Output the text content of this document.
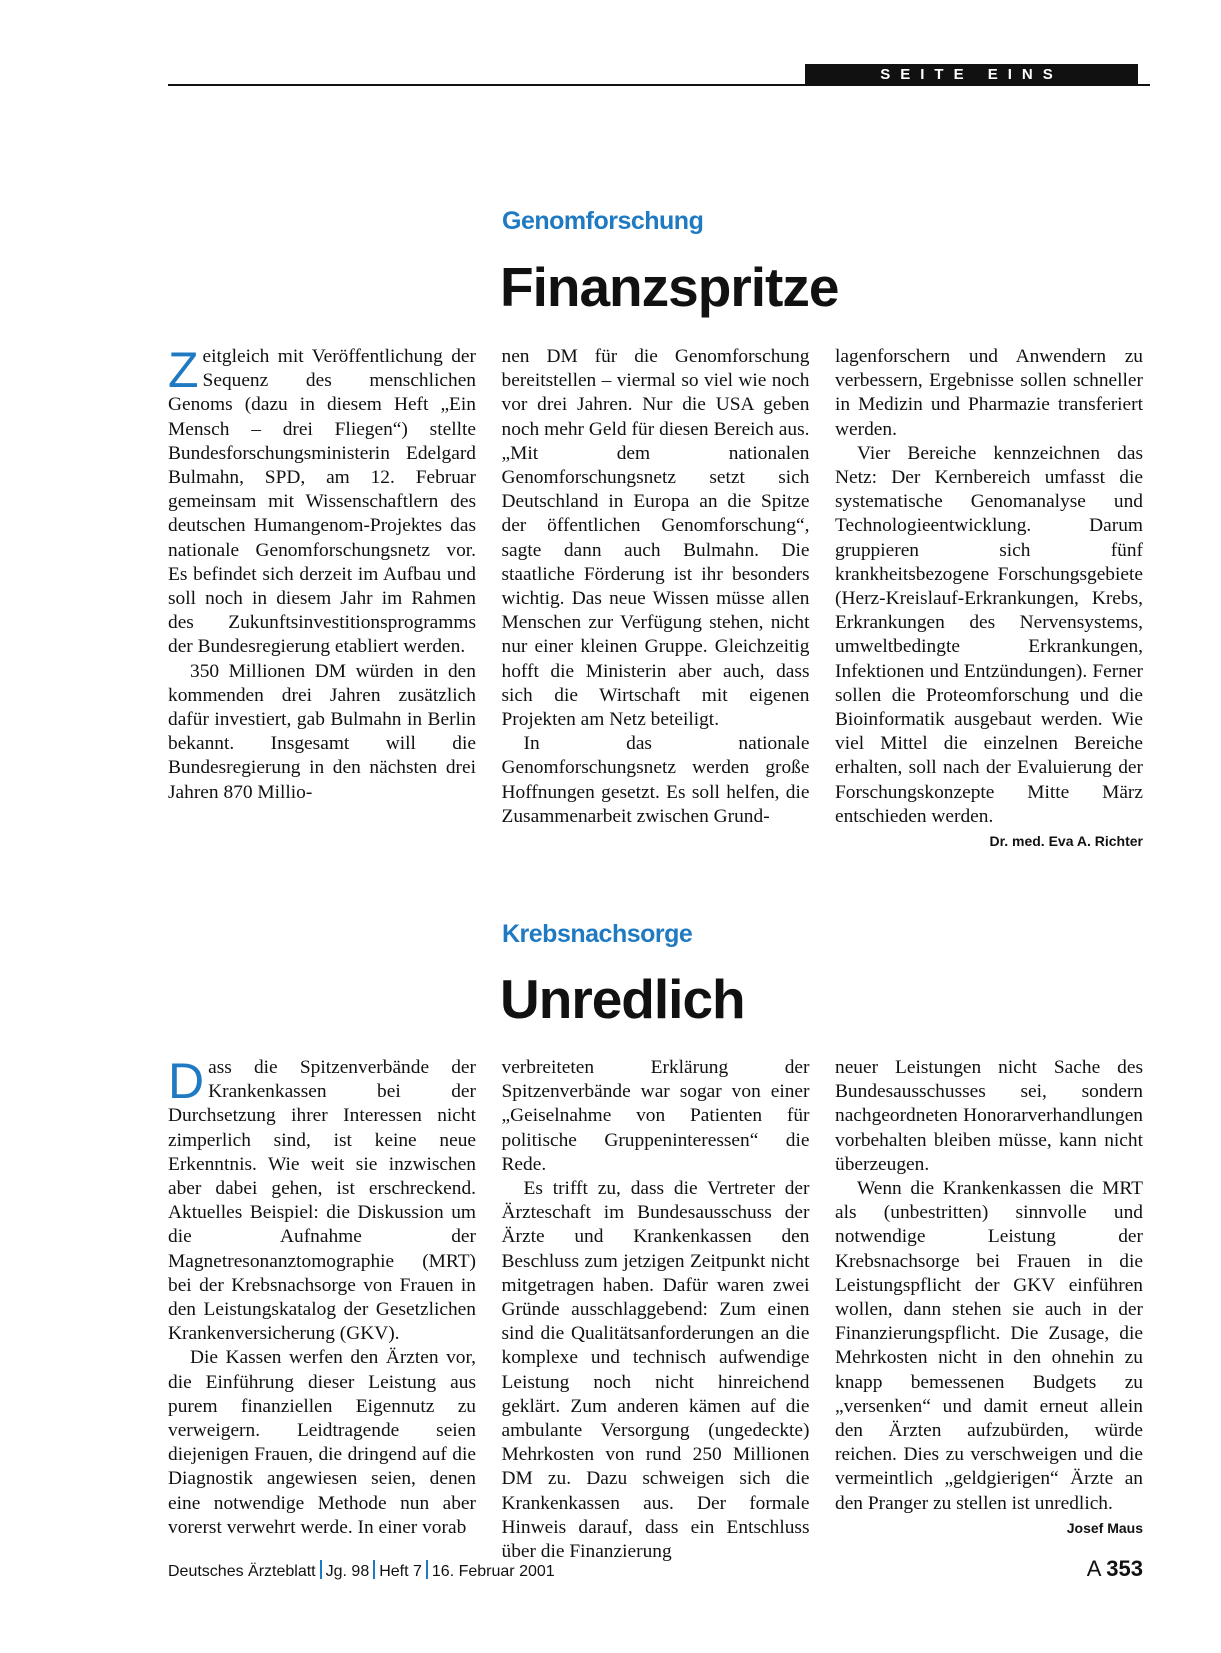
SEITE EINS
Genomforschung
Finanzspritze

Zeitgleich mit Veröffentlichung der Sequenz des menschlichen Genoms (dazu in diesem Heft „Ein Mensch – drei Fliegen“) stellte Bundesforschungsministerin Edelgard Bulmahn, SPD, am 12. Februar gemeinsam mit Wissenschaftlern des deutschen Humangenom-Projektes das nationale Genomforschungsnetz vor. Es befindet sich derzeit im Aufbau und soll noch in diesem Jahr im Rahmen des Zukunftsinvestitionsprogramms der Bundesregierung etabliert werden.

350 Millionen DM würden in den kommenden drei Jahren zusätzlich dafür investiert, gab Bulmahn in Berlin bekannt. Insgesamt will die Bundesregierung in den nächsten drei Jahren 870 Millio-

nen DM für die Genomforschung bereitstellen – viermal so viel wie noch vor drei Jahren. Nur die USA geben noch mehr Geld für diesen Bereich aus. „Mit dem nationalen Genomforschungsnetz setzt sich Deutschland in Europa an die Spitze der öffentlichen Genomforschung“, sagte dann auch Bulmahn. Die staatliche Förderung ist ihr besonders wichtig. Das neue Wissen müsse allen Menschen zur Verfügung stehen, nicht nur einer kleinen Gruppe. Gleichzeitig hofft die Ministerin aber auch, dass sich die Wirtschaft mit eigenen Projekten am Netz beteiligt.

In das nationale Genomforschungsnetz werden große Hoffnungen gesetzt. Es soll helfen, die Zusammenarbeit zwischen Grund-

lagenforschern und Anwendern zu verbessern, Ergebnisse sollen schneller in Medizin und Pharmazie transferiert werden.

Vier Bereiche kennzeichnen das Netz: Der Kernbereich umfasst die systematische Genomanalyse und Technologieentwicklung. Darum gruppieren sich fünf krankheitsbezogene Forschungsgebiete (Herz-Kreislauf-Erkrankungen, Krebs, Erkrankungen des Nervensystems, umweltbedingte Erkrankungen, Infektionen und Entzündungen). Ferner sollen die Proteomforschung und die Bioinformatik ausgebaut werden. Wie viel Mittel die einzelnen Bereiche erhalten, soll nach der Evaluierung der Forschungskonzepte Mitte März entschieden werden.
Dr. med. Eva A. Richter

Krebsnachsorge
Unredlich

Dass die Spitzenverbände der Krankenkassen bei der Durchsetzung ihrer Interessen nicht zimperlich sind, ist keine neue Erkenntnis. Wie weit sie inzwischen aber dabei gehen, ist erschreckend. Aktuelles Beispiel: die Diskussion um die Aufnahme der Magnetresonanztomographie (MRT) bei der Krebsnachsorge von Frauen in den Leistungskatalog der Gesetzlichen Krankenversicherung (GKV).

Die Kassen werfen den Ärzten vor, die Einführung dieser Leistung aus purem finanziellen Eigennutz zu verweigern. Leidtragende seien diejenigen Frauen, die dringend auf die Diagnostik angewiesen seien, denen eine notwendige Methode nun aber vorerst verwehrt werde. In einer vorab

verbreiteten Erklärung der Spitzenverbände war sogar von einer „Geiselnahme von Patienten für politische Gruppeninteressen“ die Rede.

Es trifft zu, dass die Vertreter der Ärzteschaft im Bundesausschuss der Ärzte und Krankenkassen den Beschluss zum jetzigen Zeitpunkt nicht mitgetragen haben. Dafür waren zwei Gründe ausschlaggebend: Zum einen sind die Qualitätsanforderungen an die komplexe und technisch aufwendige Leistung noch nicht hinreichend geklärt. Zum anderen kämen auf die ambulante Versorgung (ungedeckte) Mehrkosten von rund 250 Millionen DM zu. Dazu schweigen sich die Krankenkassen aus. Der formale Hinweis darauf, dass ein Entschluss über die Finanzierung

neuer Leistungen nicht Sache des Bundesausschusses sei, sondern nachgeordneten Honorarverhandlungen vorbehalten bleiben müsse, kann nicht überzeugen.

Wenn die Krankenkassen die MRT als (unbestritten) sinnvolle und notwendige Leistung der Krebsnachsorge bei Frauen in die Leistungspflicht der GKV einführen wollen, dann stehen sie auch in der Finanzierungspflicht. Die Zusage, die Mehrkosten nicht in den ohnehin zu knapp bemessenen Budgets zu „versenken“ und damit erneut allein den Ärzten aufzubürden, würde reichen. Dies zu verschweigen und die vermeintlich „geldgierigen“ Ärzte an den Pranger zu stellen ist unredlich.
Josef Maus

Deutsches Ärzteblatt Jg. 98 Heft 7 16. Februar 2001	A 353
